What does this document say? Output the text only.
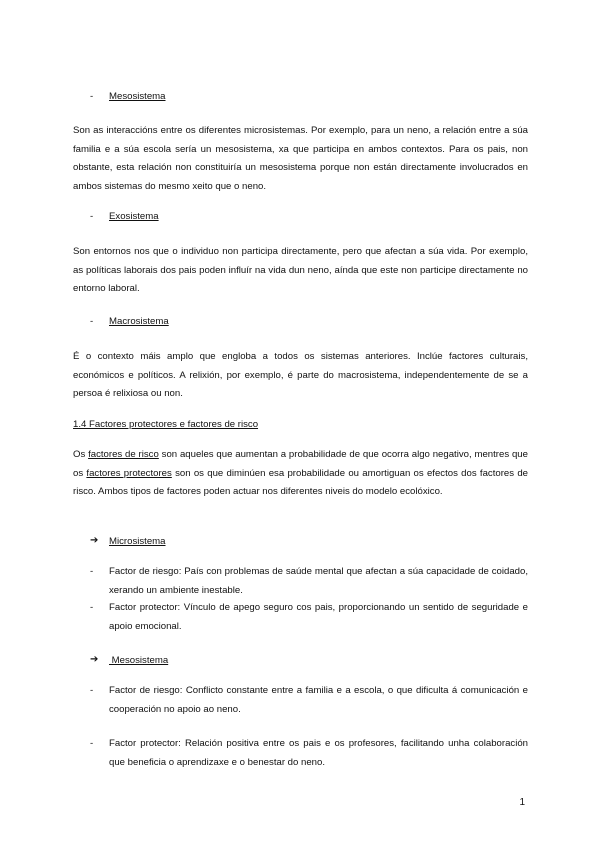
- Mesosistema
Son as interaccións entre os diferentes microsistemas. Por exemplo, para un neno, a relación entre a súa familia e a súa escola sería un mesosistema, xa que participa en ambos contextos. Para os pais, non obstante, esta relación non constituiría un mesosistema porque non están directamente involucrados en ambos sistemas do mesmo xeito que o neno.
- Exosistema
Son entornos nos que o individuo non participa directamente, pero que afectan a súa vida. Por exemplo, as políticas laborais dos pais poden influír na vida dun neno, aínda que este non participe directamente no entorno laboral.
- Macrosistema
É o contexto máis amplo que engloba a todos os sistemas anteriores. Inclúe factores culturais, económicos e políticos. A relixión, por exemplo, é parte do macrosistema, independentemente de se a persoa é relixiosa ou non.
1.4 Factores protectores e factores de risco
Os factores de risco son aqueles que aumentan a probabilidade de que ocorra algo negativo, mentres que os factores protectores son os que diminúen esa probabilidade ou amortiguan os efectos dos factores de risco. Ambos tipos de factores poden actuar nos diferentes niveis do modelo ecolóxico.
➔ Microsistema
- Factor de riesgo: País con problemas de saúde mental que afectan a súa capacidade de coidado, xerando un ambiente inestable.
- Factor protector: Vínculo de apego seguro cos pais, proporcionando un sentido de seguridade e apoio emocional.
➔ Mesosistema
- Factor de riesgo: Conflicto constante entre a familia e a escola, o que dificulta á comunicación e cooperación no apoio ao neno.
- Factor protector: Relación positiva entre os pais e os profesores, facilitando unha colaboración que beneficia o aprendizaxe e o benestar do neno.
1
